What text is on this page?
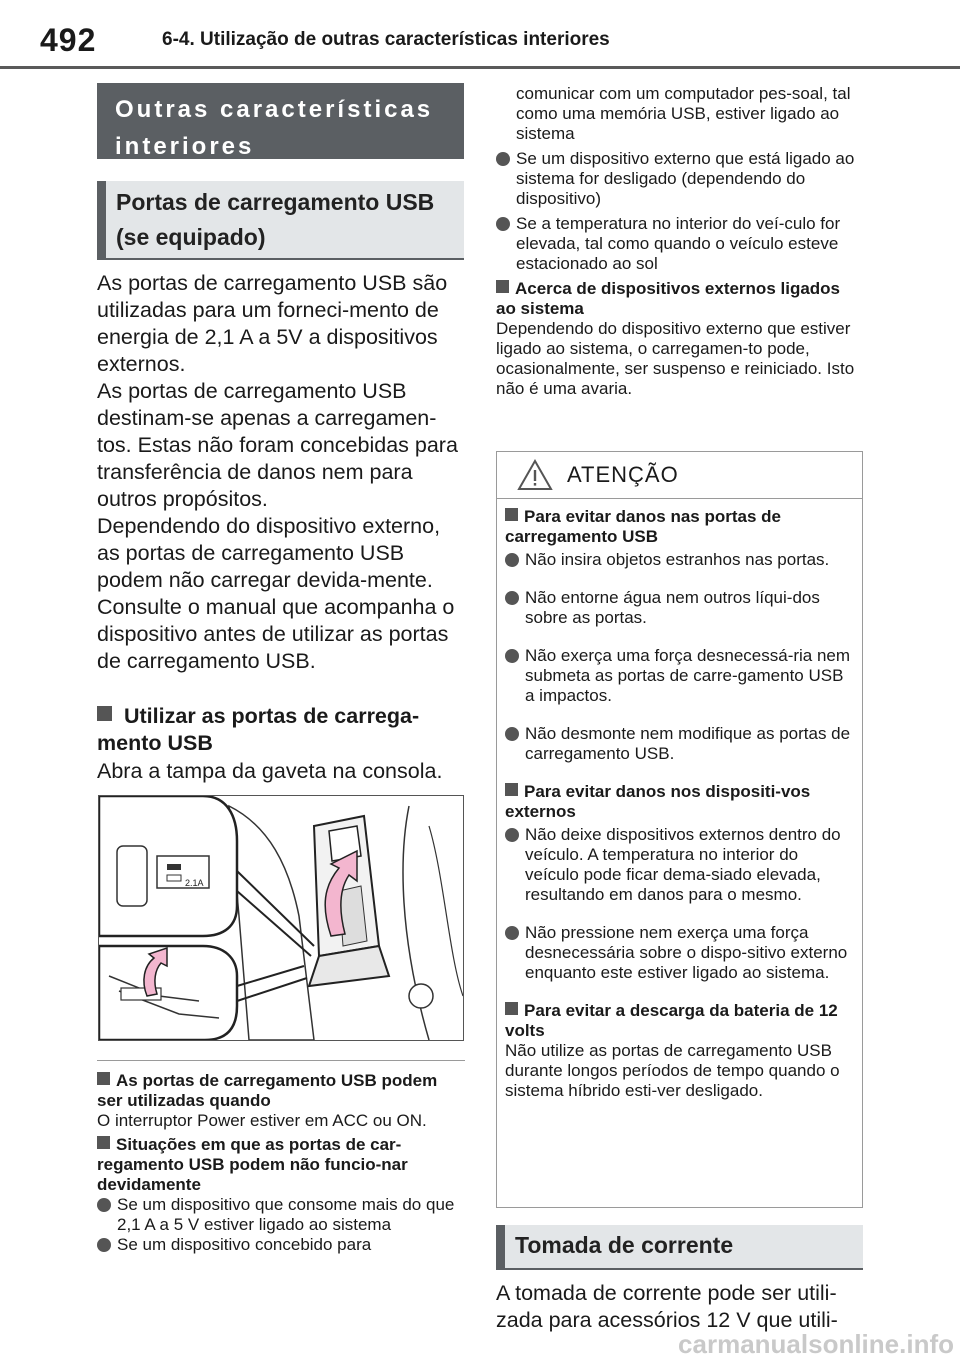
492	6-4. Utilização de outras características interiores
Outras características interiores
Portas de carregamento USB (se equipado)
As portas de carregamento USB são utilizadas para um forneci-mento de energia de 2,1 A a 5V a dispositivos externos.
As portas de carregamento USB destinam-se apenas a carregamen-tos. Estas não foram concebidas para transferência de danos nem para outros propósitos.
Dependendo do dispositivo externo, as portas de carregamento USB podem não carregar devida-mente. Consulte o manual que acompanha o dispositivo antes de utilizar as portas de carregamento USB.
Utilizar as portas de carrega-mento USB
Abra a tampa da gaveta na consola.
2.1A
As portas de carregamento USB podem ser utilizadas quando
O interruptor Power estiver em ACC ou ON.
Situações em que as portas de car-regamento USB podem não funcio-nar devidamente
Se um dispositivo que consome mais do que 2,1 A a 5 V estiver ligado ao sistema
Se um dispositivo concebido para
comunicar com um computador pes-soal, tal como uma memória USB, estiver ligado ao sistema
Se um dispositivo externo que está ligado ao sistema for desligado (dependendo do dispositivo)
Se a temperatura no interior do veí-culo for elevada, tal como quando o veículo esteve estacionado ao sol
Acerca de dispositivos externos ligados ao sistema
Dependendo do dispositivo externo que estiver ligado ao sistema, o carregamen-to pode, ocasionalmente, ser suspenso e reiniciado. Isto não é uma avaria.
ATENÇÃO
Para evitar danos nas portas de carregamento USB
Não insira objetos estranhos nas portas.
Não entorne água nem outros líqui-dos sobre as portas.
Não exerça uma força desnecessá-ria nem submeta as portas de carre-gamento USB a impactos.
Não desmonte nem modifique as portas de carregamento USB.
Para evitar danos nos dispositi-vos externos
Não deixe dispositivos externos dentro do veículo. A temperatura no interior do veículo pode ficar dema-siado elevada, resultando em danos para o mesmo.
Não pressione nem exerça uma força desnecessária sobre o dispo-sitivo externo enquanto este estiver ligado ao sistema.
Para evitar a descarga da bateria de 12 volts
Não utilize as portas de carregamento USB durante longos períodos de tempo quando o sistema híbrido esti-ver desligado.
Tomada de corrente
A tomada de corrente pode ser utili-zada para acessórios 12 V que utili-
carmanualsonline.info
